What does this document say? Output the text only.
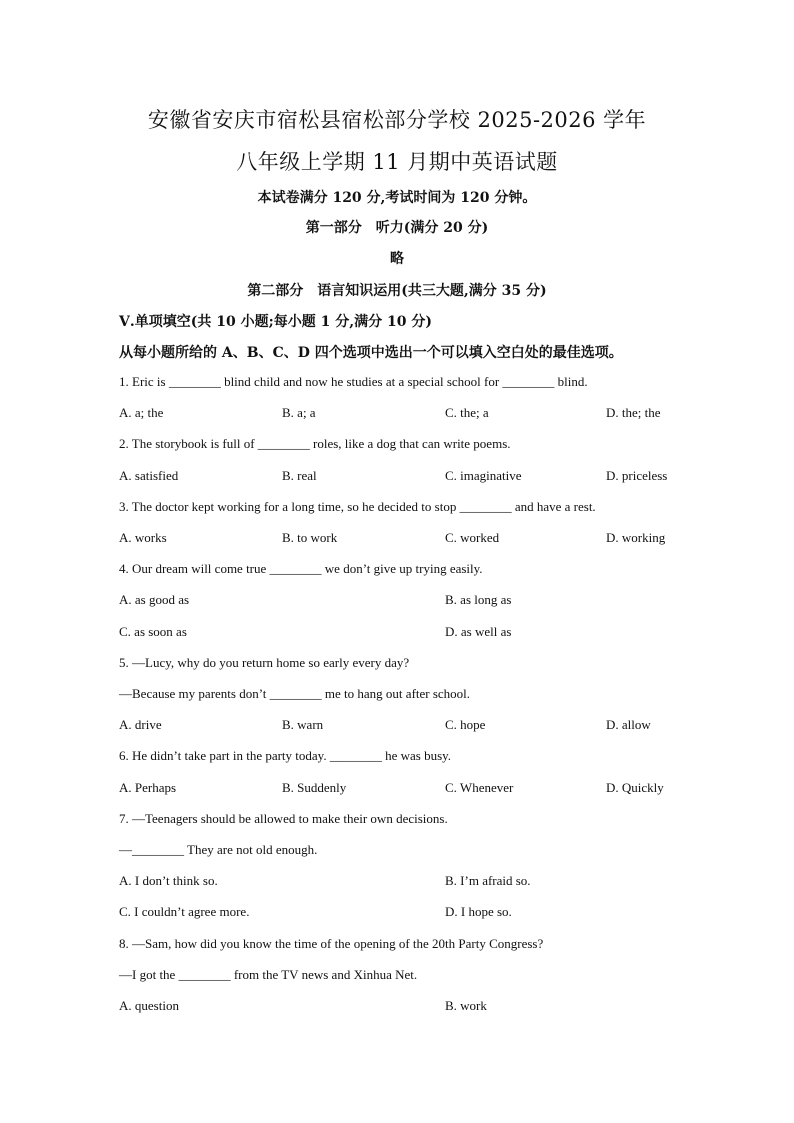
安徽省安庆市宿松县宿松部分学校 2025-2026 学年
八年级上学期 11 月期中英语试题
本试卷满分 120 分,考试时间为 120 分钟。
第一部分　听力(满分 20 分)
略
第二部分　语言知识运用(共三大题,满分 35 分)
Ⅴ.单项填空(共 10 小题;每小题 1 分,满分 10 分)
从每小题所给的 A、B、C、D 四个选项中选出一个可以填入空白处的最佳选项。
1. Eric is ________ blind child and now he studies at a special school for ________ blind.
A. a; the	B. a; a	C. the; a	D. the; the
2. The storybook is full of ________ roles, like a dog that can write poems.
A. satisfied	B. real	C. imaginative	D. priceless
3. The doctor kept working for a long time, so he decided to stop ________ and have a rest.
A. works	B. to work	C. worked	D. working
4. Our dream will come true ________ we don’t give up trying easily.
A. as good as	B. as long as
C. as soon as	D. as well as
5. —Lucy, why do you return home so early every day?
—Because my parents don’t ________ me to hang out after school.
A. drive	B. warn	C. hope	D. allow
6. He didn’t take part in the party today. ________ he was busy.
A. Perhaps	B. Suddenly	C. Whenever	D. Quickly
7. —Teenagers should be allowed to make their own decisions.
—________ They are not old enough.
A. I don’t think so.	B. I’m afraid so.
C. I couldn’t agree more.	D. I hope so.
8. —Sam, how did you know the time of the opening of the 20th Party Congress?
—I got the ________ from the TV news and Xinhua Net.
A. question	B. work
